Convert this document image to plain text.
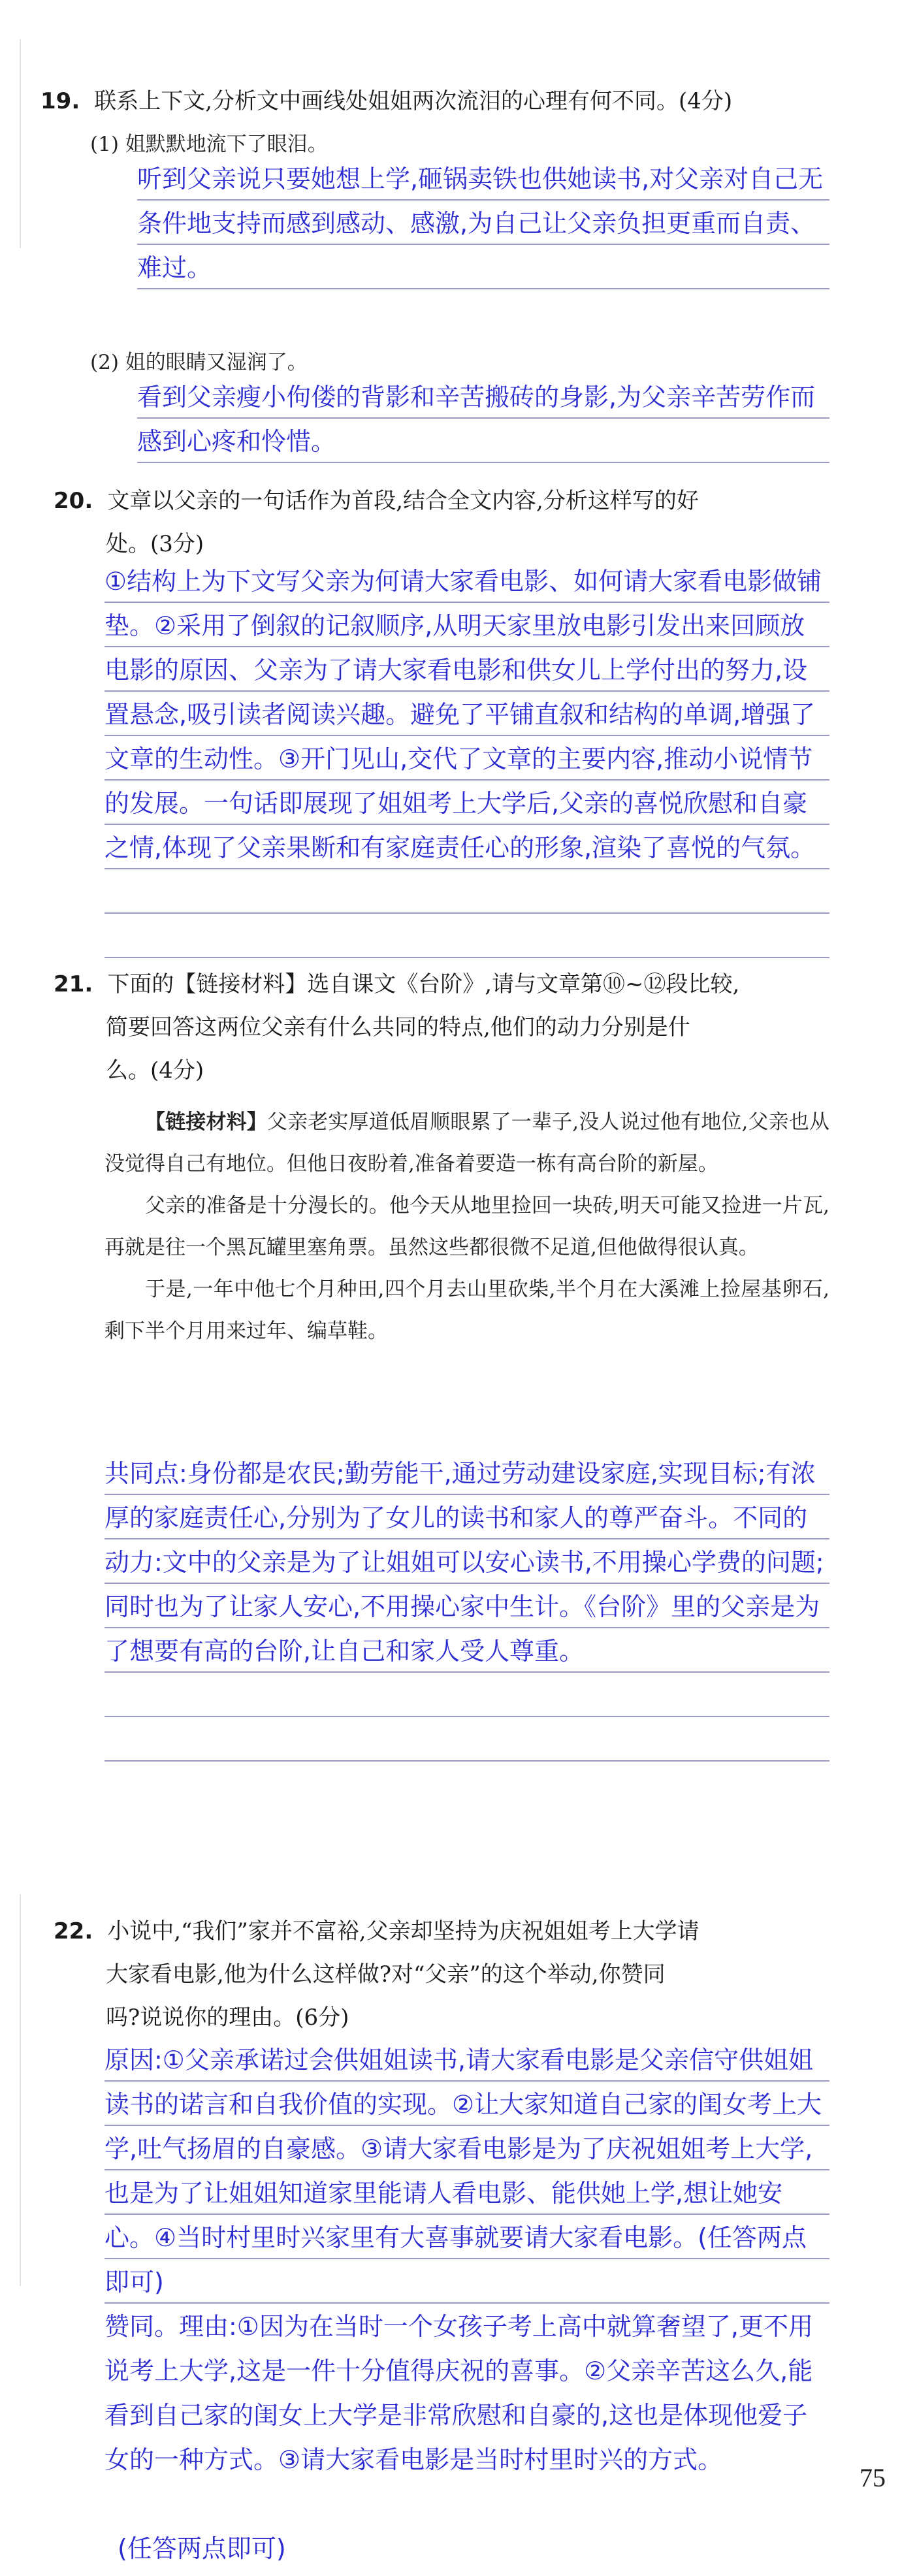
19. 联系上下文,分析文中画线处姐姐两次流泪的心理有何不同。(4分)
(1) 姐默默地流下了眼泪。
听到父亲说只要她想上学,砸锅卖铁也供她读书,对父亲对自己无条件地支持而感到感动、感激,为自己让父亲负担更重而自责、难过。
(2) 姐的眼睛又湿润了。
看到父亲瘦小佝偻的背影和辛苦搬砖的身影,为父亲辛苦劳作而感到心疼和怜惜。
20. 文章以父亲的一句话作为首段,结合全文内容,分析这样写的好
处。(3分)
①结构上为下文写父亲为何请大家看电影、如何请大家看电影做铺垫。②采用了倒叙的记叙顺序,从明天家里放电影引发出来回顾放电影的原因、父亲为了请大家看电影和供女儿上学付出的努力,设置悬念,吸引读者阅读兴趣。避免了平铺直叙和结构的单调,增强了文章的生动性。③开门见山,交代了文章的主要内容,推动小说情节的发展。一句话即展现了姐姐考上大学后,父亲的喜悦欣慰和自豪之情,体现了父亲果断和有家庭责任心的形象,渲染了喜悦的气氛。
21. 下面的【链接材料】选自课文《台阶》,请与文章第⑩~⑫段比较,
简要回答这两位父亲有什么共同的特点,他们的动力分别是什
么。(4分)

【链接材料】父亲老实厚道低眉顺眼累了一辈子,没人说过他有地位,父亲也从没觉得自己有地位。但他日夜盼着,准备着要造一栋有高台阶的新屋。

父亲的准备是十分漫长的。他今天从地里捡回一块砖,明天可能又捡进一片瓦,再就是往一个黑瓦罐里塞角票。虽然这些都很微不足道,但他做得很认真。

于是,一年中他七个月种田,四个月去山里砍柴,半个月在大溪滩上捡屋基卵石,剩下半个月用来过年、编草鞋。

共同点:身份都是农民;勤劳能干,通过劳动建设家庭,实现目标;有浓厚的家庭责任心,分别为了女儿的读书和家人的尊严奋斗。不同的动力:文中的父亲是为了让姐姐可以安心读书,不用操心学费的问题;同时也为了让家人安心,不用操心家中生计。《台阶》里的父亲是为了想要有高的台阶,让自己和家人受人尊重。
22. 小说中,“我们”家并不富裕,父亲却坚持为庆祝姐姐考上大学请
大家看电影,他为什么这样做?对“父亲”的这个举动,你赞同
吗?说说你的理由。(6分)
原因:①父亲承诺过会供姐姐读书,请大家看电影是父亲信守供姐姐读书的诺言和自我价值的实现。②让大家知道自己家的闺女考上大学,吐气扬眉的自豪感。③请大家看电影是为了庆祝姐姐考上大学,也是为了让姐姐知道家里能请人看电影、能供她上学,想让她安心。④当时村里时兴家里有大喜事就要请大家看电影。(任答两点即可)
赞同。理由:①因为在当时一个女孩子考上高中就算奢望了,更不用说考上大学,这是一件十分值得庆祝的喜事。②父亲辛苦这么久,能看到自己家的闺女上大学是非常欣慰和自豪的,这也是体现他爱子女的一种方式。③请大家看电影是当时村里时兴的方式。
(任答两点即可)
75
